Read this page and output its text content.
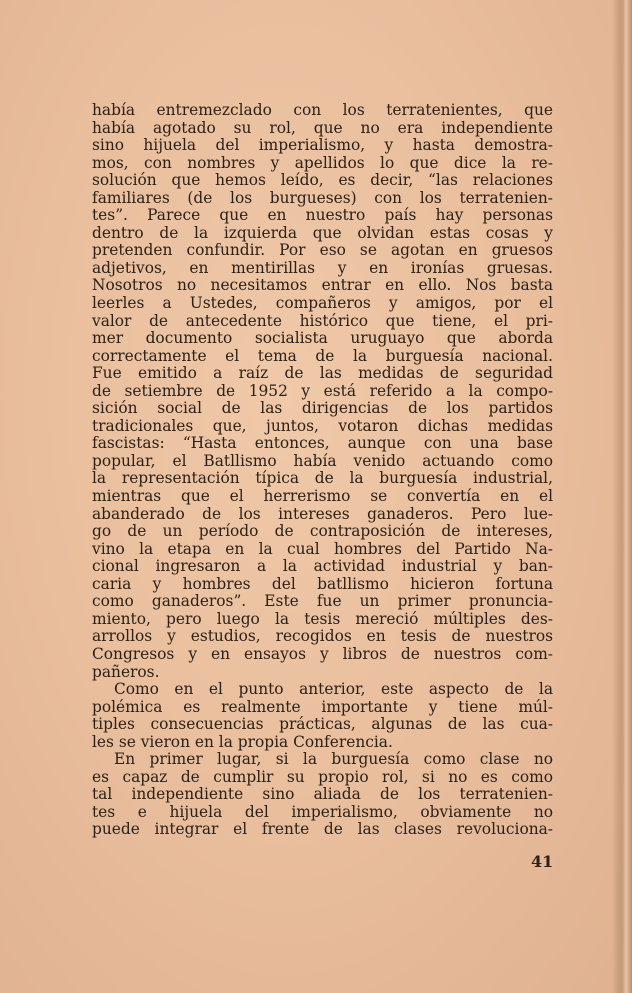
había entremezclado con los terratenientes, que

había agotado su rol, que no era independiente

sino hijuela del imperialismo, y hasta demostra-

mos, con nombres y apellidos lo que dice la re-

solución que hemos leído, es decir, “las relaciones

familiares (de los burgueses) con los terratenien-

tes”. Parece que en nuestro país hay personas

dentro de la izquierda que olvidan estas cosas y

pretenden confundir. Por eso se agotan en gruesos

adjetivos, en mentirillas y en ironías gruesas.

Nosotros no necesitamos entrar en ello. Nos basta

leerles a Ustedes, compañeros y amigos, por el

valor de antecedente histórico que tiene, el pri-

mer documento socialista uruguayo que aborda

correctamente el tema de la burguesía nacional.

Fue emitido a raíz de las medidas de seguridad

de setiembre de 1952 y está referido a la compo-

sición social de las dirigencias de los partidos

tradicionales que, juntos, votaron dichas medidas

fascistas: “Hasta entonces, aunque con una base

popular, el Batllismo había venido actuando como

la representación típica de la burguesía industrial,

mientras que el herrerismo se convertía en el

abanderado de los intereses ganaderos. Pero lue-

go de un período de contraposición de intereses,

vino la etapa en la cual hombres del Partido Na-

cional ingresaron a la actividad industrial y ban-

caria y hombres del batllismo hicieron fortuna

como ganaderos”. Este fue un primer pronuncia-

miento, pero luego la tesis mereció múltiples des-

arrollos y estudios, recogidos en tesis de nuestros

Congresos y en ensayos y libros de nuestros com-

pañeros.

Como en el punto anterior, este aspecto de la

polémica es realmente importante y tiene múl-

tiples consecuencias prácticas, algunas de las cua-

les se vieron en la propia Conferencia.

En primer lugar, si la burguesía como clase no

es capaz de cumplir su propio rol, si no es como

tal independiente sino aliada de los terratenien-

tes e hijuela del imperialismo, obviamente no

puede integrar el frente de las clases revoluciona-

41
